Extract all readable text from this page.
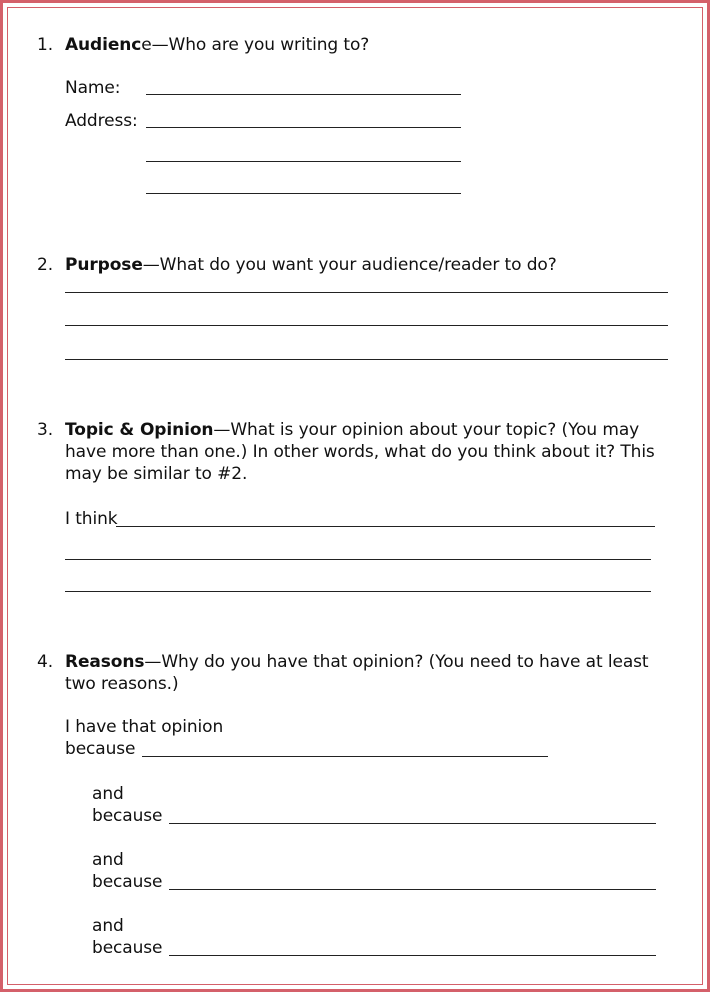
1. Audience—Who are you writing to?
Name:
Address:
2. Purpose—What do you want your audience/reader to do?
3. Topic & Opinion—What is your opinion about your topic? (You may
have more than one.) In other words, what do you think about it? This
may be similar to #2.
I think
4. Reasons—Why do you have that opinion? (You need to have at least
two reasons.)
I have that opinion
because
and
because
and
because
and
because
